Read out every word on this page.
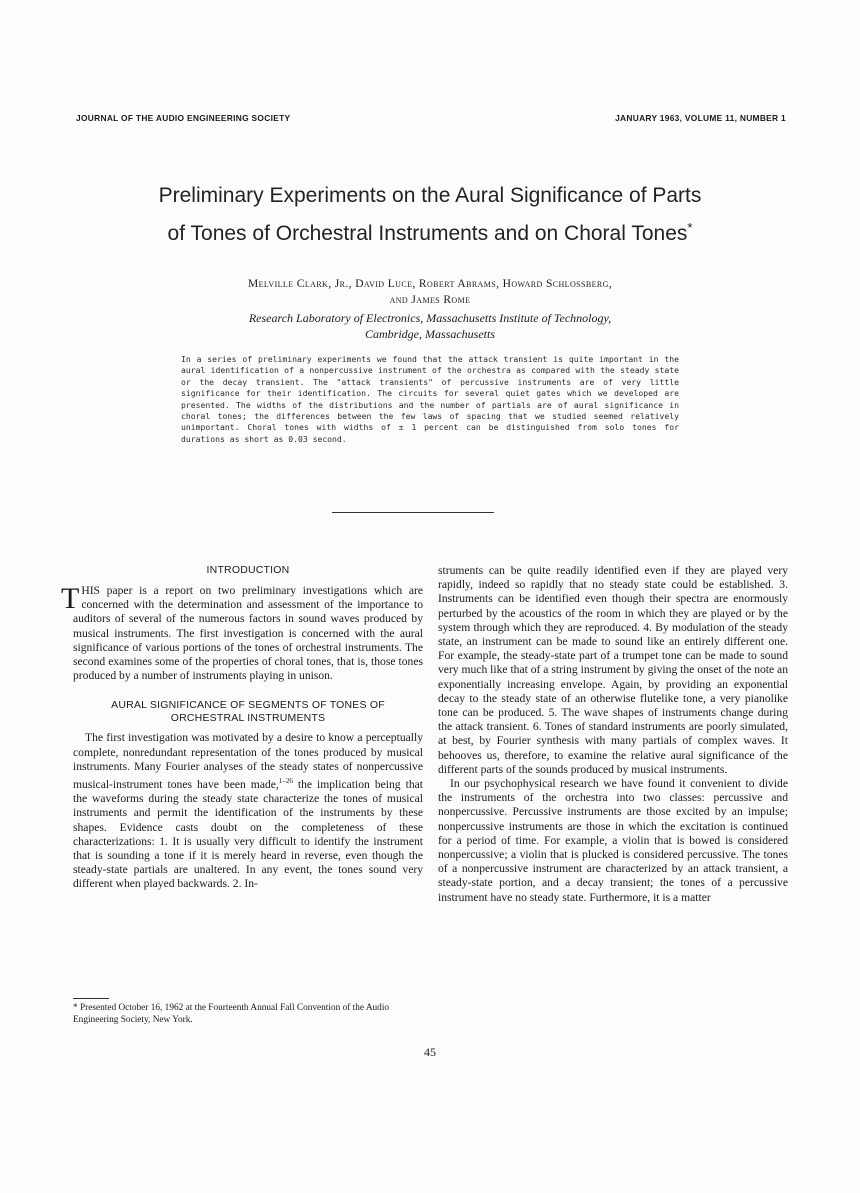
JOURNAL OF THE AUDIO ENGINEERING SOCIETY	JANUARY 1963, VOLUME 11, NUMBER 1
Preliminary Experiments on the Aural Significance of Parts
of Tones of Orchestral Instruments and on Choral Tones*
Melville Clark, Jr., David Luce, Robert Abrams, Howard Schlossberg,
and James Rome
Research Laboratory of Electronics, Massachusetts Institute of Technology,
Cambridge, Massachusetts
In a series of preliminary experiments we found that the attack transient is quite important in the aural identification of a nonpercussive instrument of the orchestra as compared with the steady state or the decay transient. The "attack transients" of percussive instruments are of very little significance for their identification. The circuits for several quiet gates which we developed are presented. The widths of the distributions and the number of partials are of aural significance in choral tones; the differences between the few laws of spacing that we studied seemed relatively unimportant. Choral tones with widths of ± 1 percent can be distinguished from solo tones for durations as short as 0.03 second.
INTRODUCTION

THIS paper is a report on two preliminary investigations which are concerned with the determination and assessment of the importance to auditors of several of the numerous factors in sound waves produced by musical instruments. The first investigation is concerned with the aural significance of various portions of the tones of orchestral instruments. The second examines some of the properties of choral tones, that is, those tones produced by a number of instruments playing in unison.

AURAL SIGNIFICANCE OF SEGMENTS OF TONES OF
ORCHESTRAL INSTRUMENTS

The first investigation was motivated by a desire to know a perceptually complete, nonredundant representation of the tones produced by musical instruments. Many Fourier analyses of the steady states of nonpercussive musical-instrument tones have been made,$^{1-26}$ the implication being that the waveforms during the steady state characterize the tones of musical instruments and permit the identification of the instruments by these shapes. Evidence casts doubt on the completeness of these characterizations: 1. It is usually very difficult to identify the instrument that is sounding a tone if it is merely heard in reverse, even though the steady-state partials are unaltered. In any event, the tones sound very different when played backwards. 2. In-

struments can be quite readily identified even if they are played very rapidly, indeed so rapidly that no steady state could be established. 3. Instruments can be identified even though their spectra are enormously perturbed by the acoustics of the room in which they are played or by the system through which they are reproduced. 4. By modulation of the steady state, an instrument can be made to sound like an entirely different one. For example, the steady-state part of a trumpet tone can be made to sound very much like that of a string instrument by giving the onset of the note an exponentially increasing envelope. Again, by providing an exponential decay to the steady state of an otherwise flutelike tone, a very pianolike tone can be produced. 5. The wave shapes of instruments change during the attack transient. 6. Tones of standard instruments are poorly simulated, at best, by Fourier synthesis with many partials of complex waves. It behooves us, therefore, to examine the relative aural significance of the different parts of the sounds produced by musical instruments.

In our psychophysical research we have found it convenient to divide the instruments of the orchestra into two classes: percussive and nonpercussive. Percussive instruments are those excited by an impulse; nonpercussive instruments are those in which the excitation is continued for a period of time. For example, a violin that is bowed is considered nonpercussive; a violin that is plucked is considered percussive. The tones of a nonpercussive instrument are characterized by an attack transient, a steady-state portion, and a decay transient; the tones of a percussive instrument have no steady state. Furthermore, it is a matter

* Presented October 16, 1962 at the Fourteenth Annual Fall Convention of the Audio Engineering Society, New York.
45
